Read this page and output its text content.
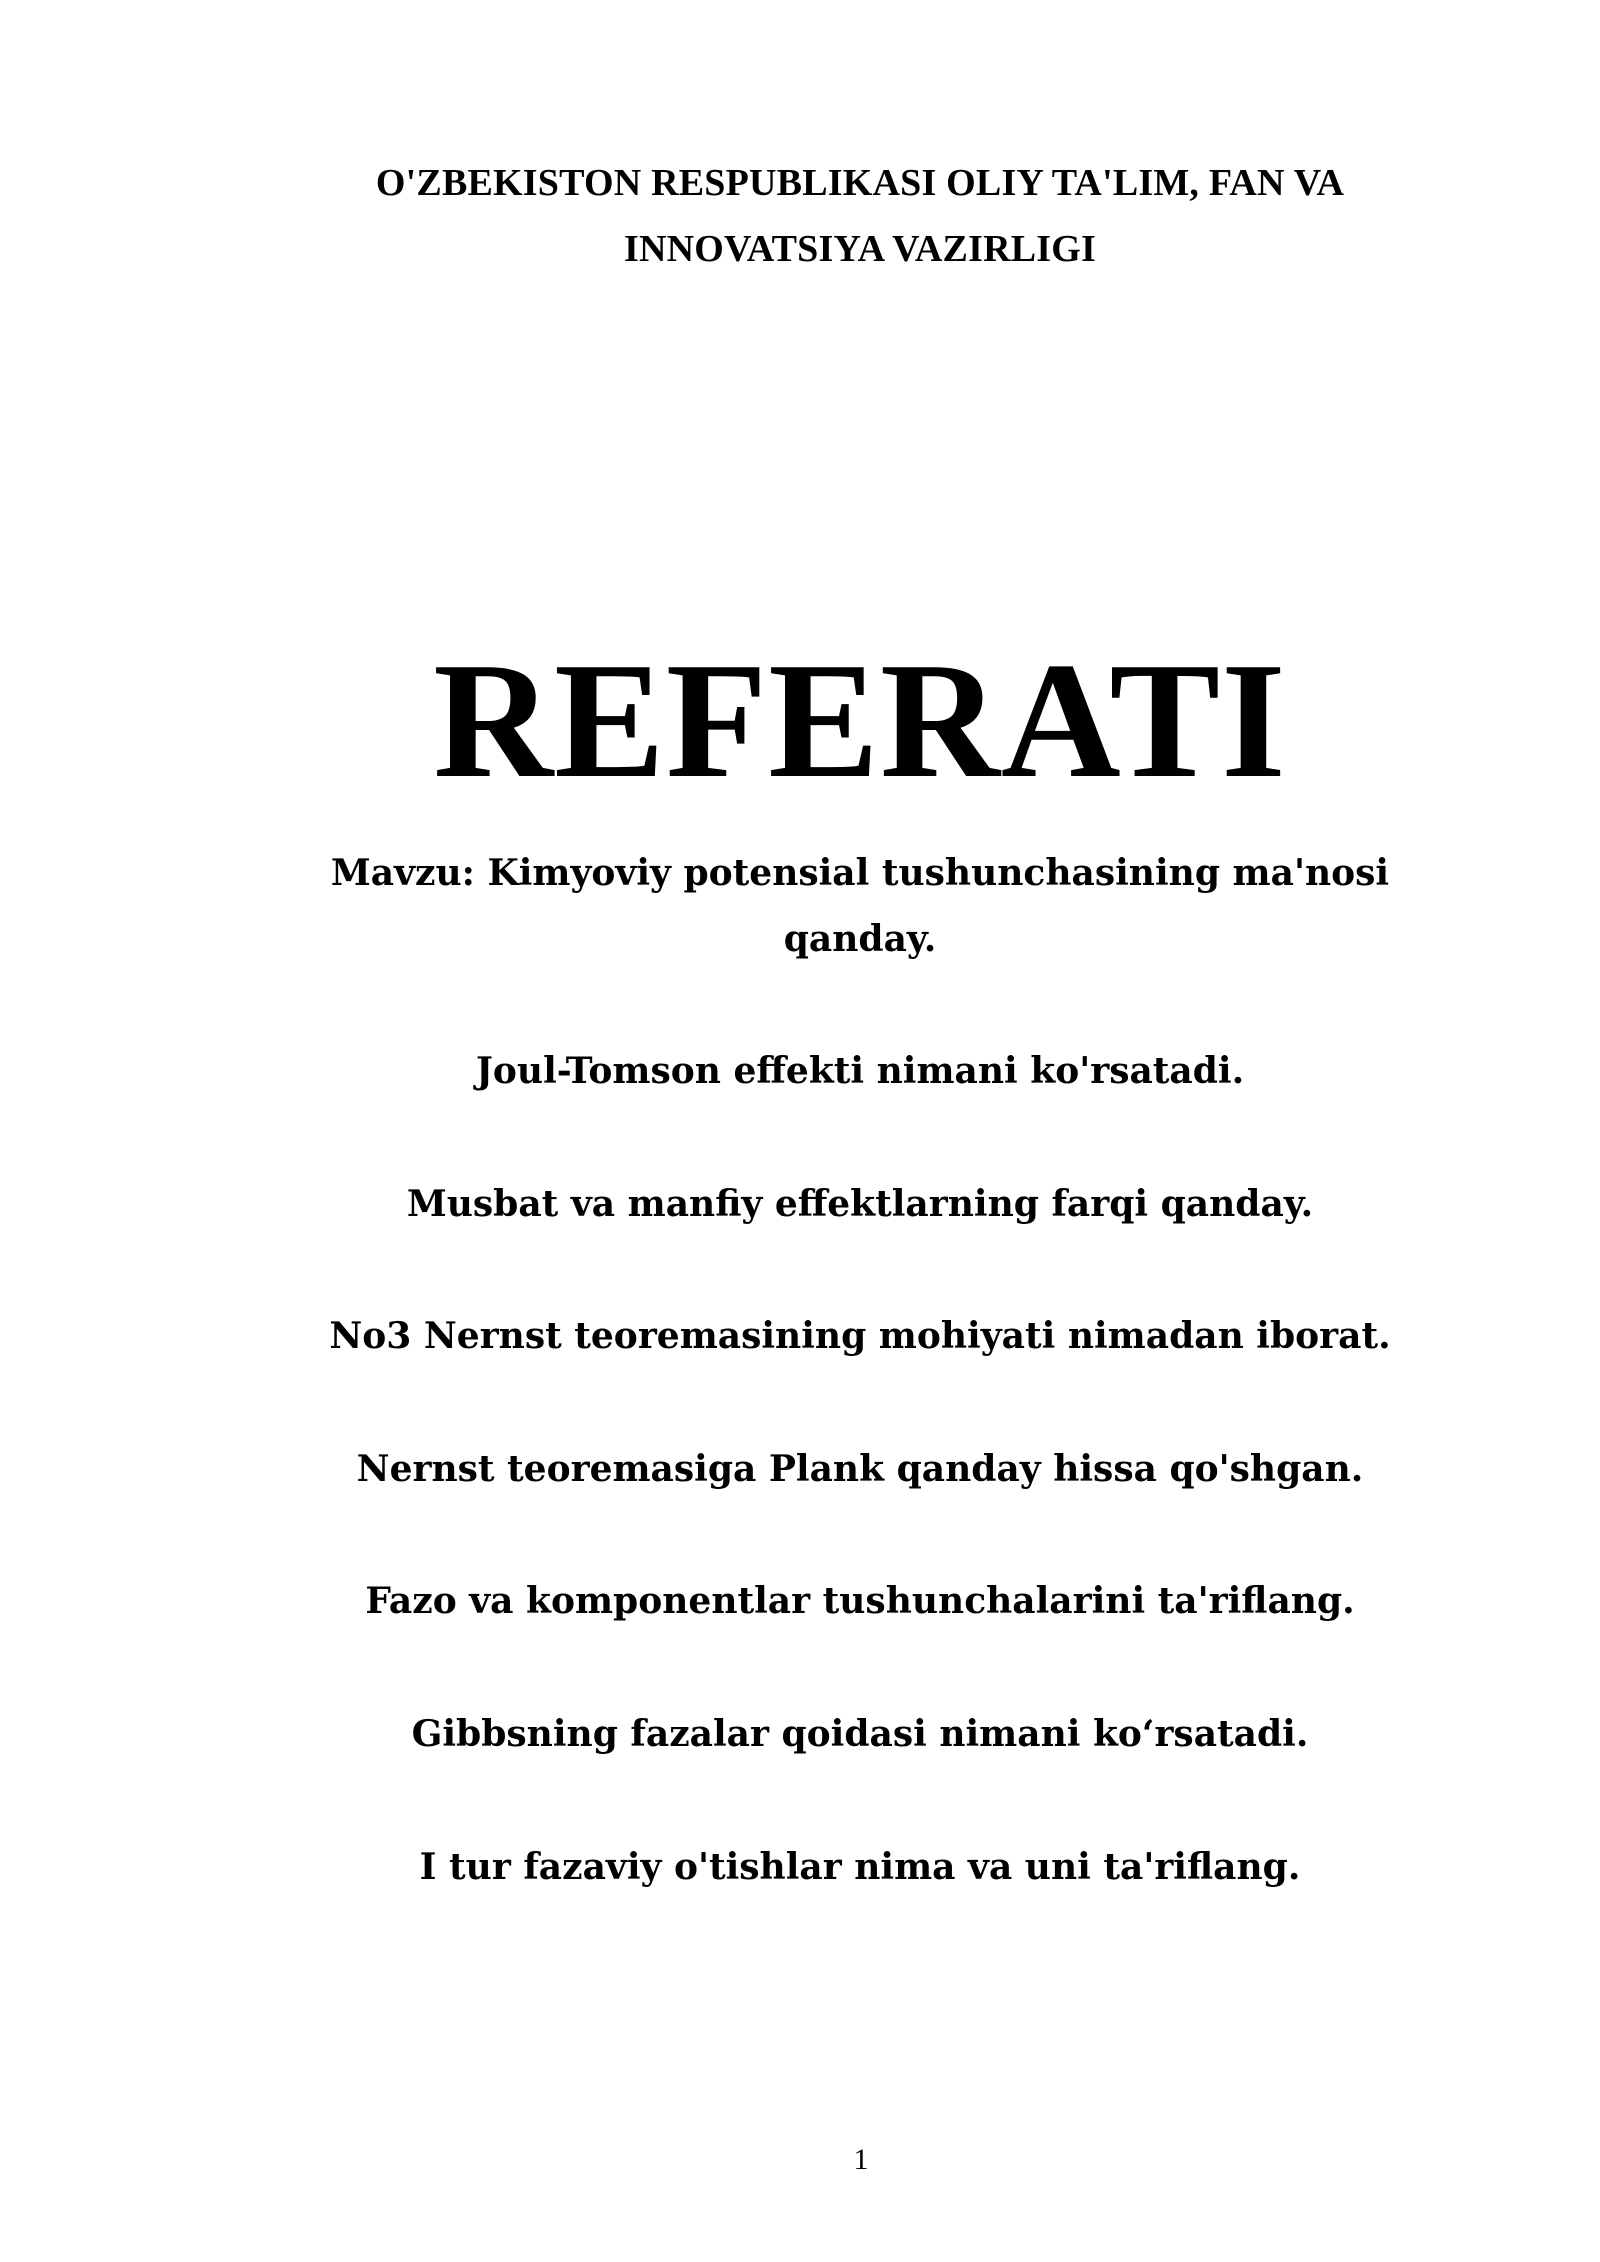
O'ZBEKISTON RESPUBLIKASI OLIY TA'LIM, FAN VA
INNOVATSIYA VAZIRLIGI

REFERATI

Mavzu: Kimyoviy potensial tushunchasining ma'nosi
qanday.

Joul-Tomson effekti nimani ko'rsatadi.
Musbat va manfiy effektlarning farqi qanday.
No3 Nernst teoremasining mohiyati nimadan iborat.
Nernst teoremasiga Plank qanday hissa qo'shgan.
Fazo va komponentlar tushunchalarini ta'riflang.
Gibbsning fazalar qoidasi nimani ko‘rsatadi.
I tur fazaviy o'tishlar nima va uni ta'riflang.

1
